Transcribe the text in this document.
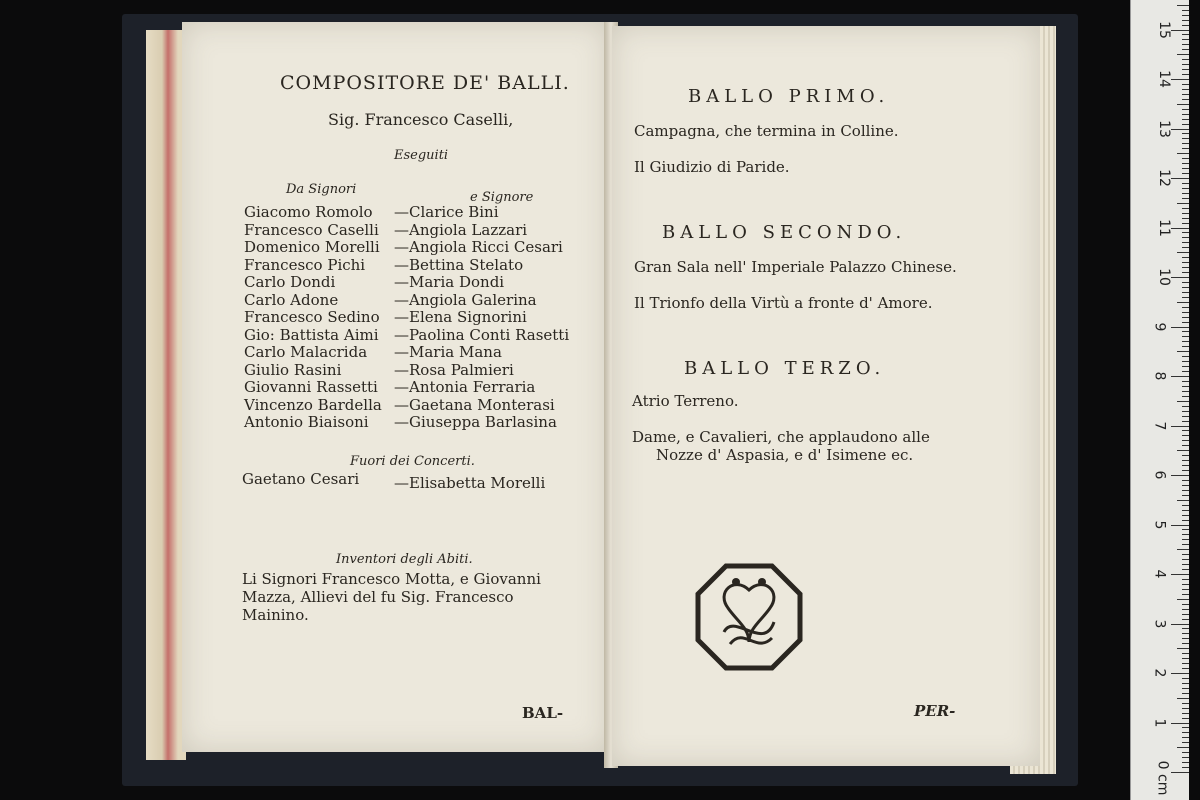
COMPOSITORE DE' BALLI.
Sig. Francesco Caselli,
Eseguiti
Da Signori
e Signore
Giacomo Romolo	—Clarice Bini
Francesco Caselli	—Angiola Lazzari
Domenico Morelli —Angiola Ricci Cesari
Francesco Pichi	—Bettina Stelato
Carlo Dondi	—Maria Dondi
Carlo Adone	—Angiola Galerina
Francesco Sedino —Elena Signorini
Gio: Battista Aimi	—Paolina Conti Rasetti
Carlo Malacrida	—Maria Mana
Giulio Rasini	—Rosa Palmieri
Giovanni Rassetti	—Antonia Ferraria
Vincenzo Bardella —Gaetana Monterasi
Antonio Biaisoni	—Giuseppa Barlasina
Fuori dei Concerti.
Gaetano Cesari —Elisabetta Morelli
Inventori degli Abiti.
Li Signori Francesco Motta, e Giovanni
Mazza, Allievi del fu Sig. Francesco
Mainino.
BAL-
BALLO PRIMO.
Campagna, che termina in Colline.
Il Giudizio di Paride.
BALLO SECONDO.
Gran Sala nell' Imperiale Palazzo Chinese.
Il Trionfo della Virtù a fronte d' Amore.
BALLO TERZO.
Atrio Terreno.
Dame, e Cavalieri, che applaudono alle
Nozze d' Aspasia, e d' Isimene ec.
PER-
0 cm
1
2
3
4
5
6
7
8
9
10
11
12
13
14
15
